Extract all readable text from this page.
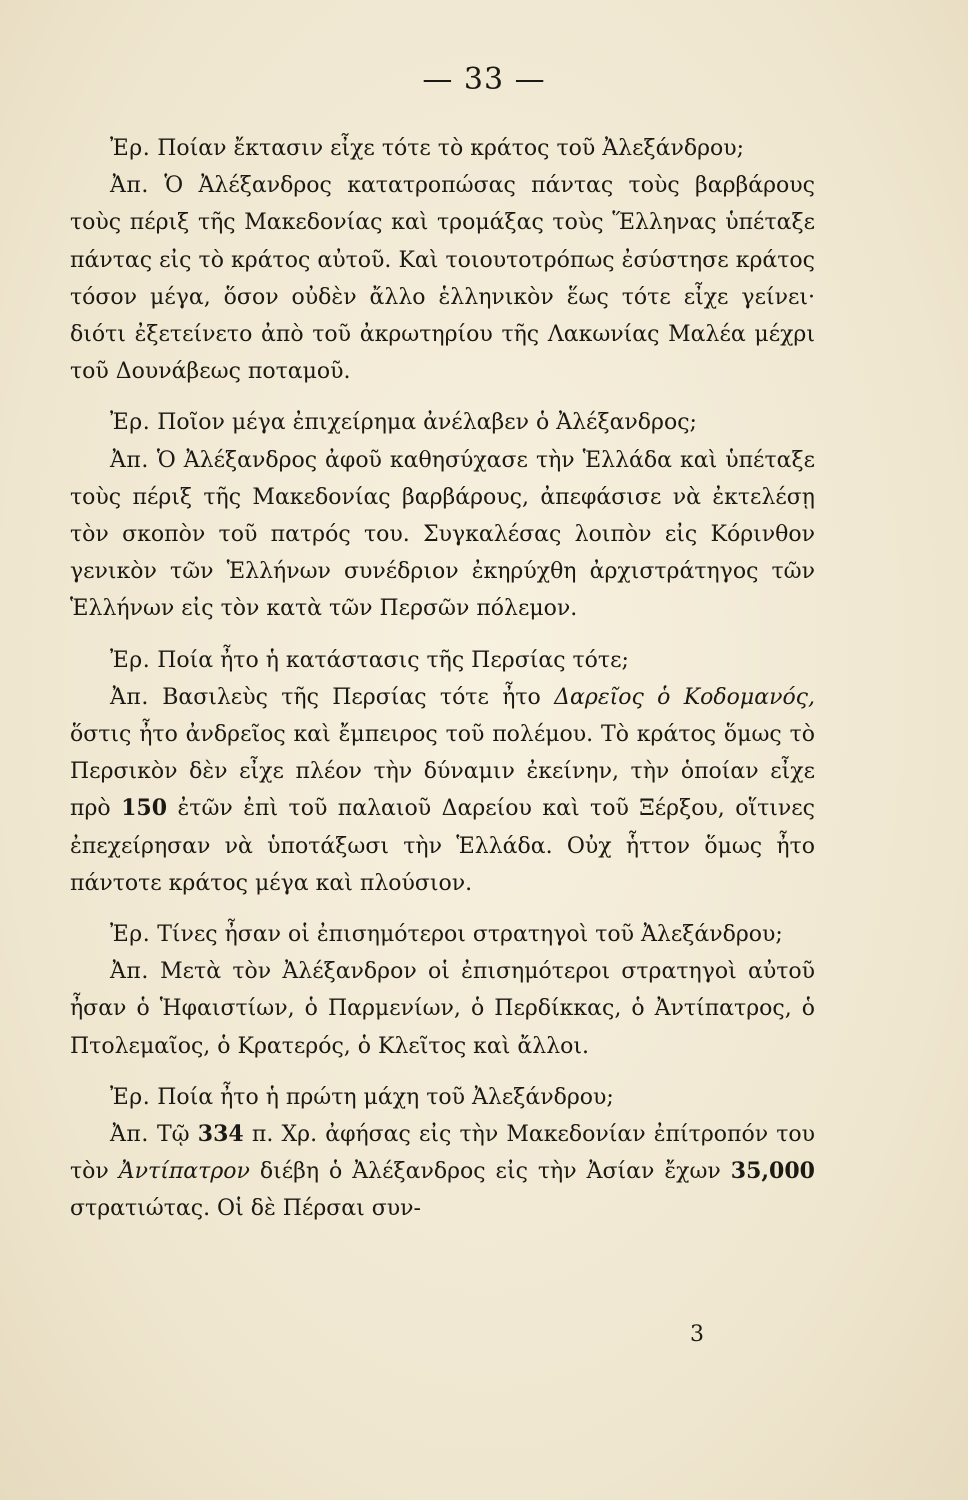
— 33 —

Ἐρ. Ποίαν ἔκτασιν εἶχε τότε τὸ κράτος τοῦ Ἀλεξάνδρου;

Ἀπ. Ὁ Ἀλέξανδρος κατατροπώσας πάντας τοὺς βαρβάρους τοὺς πέριξ τῆς Μακεδονίας καὶ τρομάξας τοὺς Ἕλληνας ὑπέταξε πάντας εἰς τὸ κράτος αὐτοῦ. Καὶ τοιουτοτρόπως ἐσύστησε κράτος τόσον μέγα, ὅσον οὐδὲν ἄλλο ἑλληνικὸν ἕως τότε εἶχε γείνει· διότι ἐξετείνετο ἀπὸ τοῦ ἀκρωτηρίου τῆς Λακωνίας Μαλέα μέχρι τοῦ Δουνάβεως ποταμοῦ.

Ἐρ. Ποῖον μέγα ἐπιχείρημα ἀνέλαβεν ὁ Ἀλέξανδρος;

Ἀπ. Ὁ Ἀλέξανδρος ἀφοῦ καθησύχασε τὴν Ἑλλάδα καὶ ὑπέταξε τοὺς πέριξ τῆς Μακεδονίας βαρβάρους, ἀπεφάσισε νὰ ἐκτελέσῃ τὸν σκοπὸν τοῦ πατρός του. Συγκαλέσας λοιπὸν εἰς Κόρινθον γενικὸν τῶν Ἑλλήνων συνέδριον ἐκηρύχθη ἀρχιστράτηγος τῶν Ἑλλήνων εἰς τὸν κατὰ τῶν Περσῶν πόλεμον.

Ἐρ. Ποία ἦτο ἡ κατάστασις τῆς Περσίας τότε;

Ἀπ. Βασιλεὺς τῆς Περσίας τότε ἦτο Δαρεῖος ὁ Κοδομανός, ὅστις ἦτο ἀνδρεῖος καὶ ἔμπειρος τοῦ πολέμου. Τὸ κράτος ὅμως τὸ Περσικὸν δὲν εἶχε πλέον τὴν δύναμιν ἐκείνην, τὴν ὁποίαν εἶχε πρὸ 150 ἐτῶν ἐπὶ τοῦ παλαιοῦ Δαρείου καὶ τοῦ Ξέρξου, οἵτινες ἐπεχείρησαν νὰ ὑποτάξωσι τὴν Ἑλλάδα. Οὐχ ἧττον ὅμως ἦτο πάντοτε κράτος μέγα καὶ πλούσιον.

Ἐρ. Τίνες ἦσαν οἱ ἐπισημότεροι στρατηγοὶ τοῦ Ἀλεξάνδρου;

Ἀπ. Μετὰ τὸν Ἀλέξανδρον οἱ ἐπισημότεροι στρατηγοὶ αὐτοῦ ἦσαν ὁ Ἡφαιστίων, ὁ Παρμενίων, ὁ Περδίκκας, ὁ Ἀντίπατρος, ὁ Πτολεμαῖος, ὁ Κρατερός, ὁ Κλεῖτος καὶ ἄλλοι.

Ἐρ. Ποία ἦτο ἡ πρώτη μάχη τοῦ Ἀλεξάνδρου;

Ἀπ. Τῷ 334 π. Χρ. ἀφήσας εἰς τὴν Μακεδονίαν ἐπίτροπόν του τὸν Ἀντίπατρον διέβη ὁ Ἀλέξανδρος εἰς τὴν Ἀσίαν ἔχων 35,000 στρατιώτας. Οἱ δὲ Πέρσαι συν-

3
